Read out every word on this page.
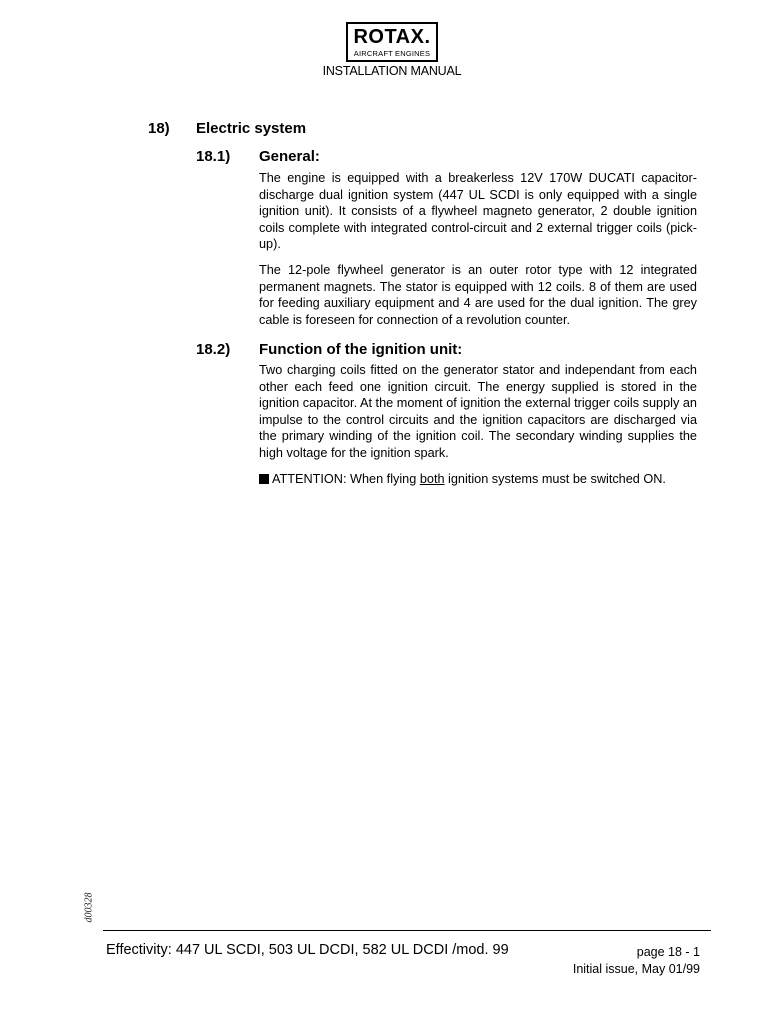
ROTAX.
AIRCRAFT ENGINES
INSTALLATION MANUAL
18) Electric system
18.1) General:
The engine is equipped with a breakerless 12V 170W DUCATI capacitor-discharge dual ignition system (447 UL SCDI is only equipped with a single ignition unit). It consists of a flywheel magneto generator, 2 double ignition coils complete with integrated control-circuit and 2 external trigger coils (pick-up).
The 12-pole flywheel generator is an outer rotor type with 12 integrated permanent magnets. The stator is equipped with 12 coils. 8 of them are used for feeding auxiliary equipment and 4 are used for the dual ignition. The grey cable is foreseen for connection of a revolution counter.
18.2) Function of the ignition unit:
Two charging coils fitted on the generator stator and independant from each other each feed one ignition circuit. The energy supplied is stored in the ignition capacitor. At the moment of ignition the external trigger coils supply an impulse to the control circuits and the ignition capacitors are discharged via the primary winding of the ignition coil. The secondary winding supplies the high voltage for the ignition spark.
ATTENTION: When flying both ignition systems must be switched ON.
d00328
Effectivity: 447 UL SCDI, 503 UL DCDI, 582 UL DCDI /mod. 99	page 18 - 1
Initial issue, May 01/99
